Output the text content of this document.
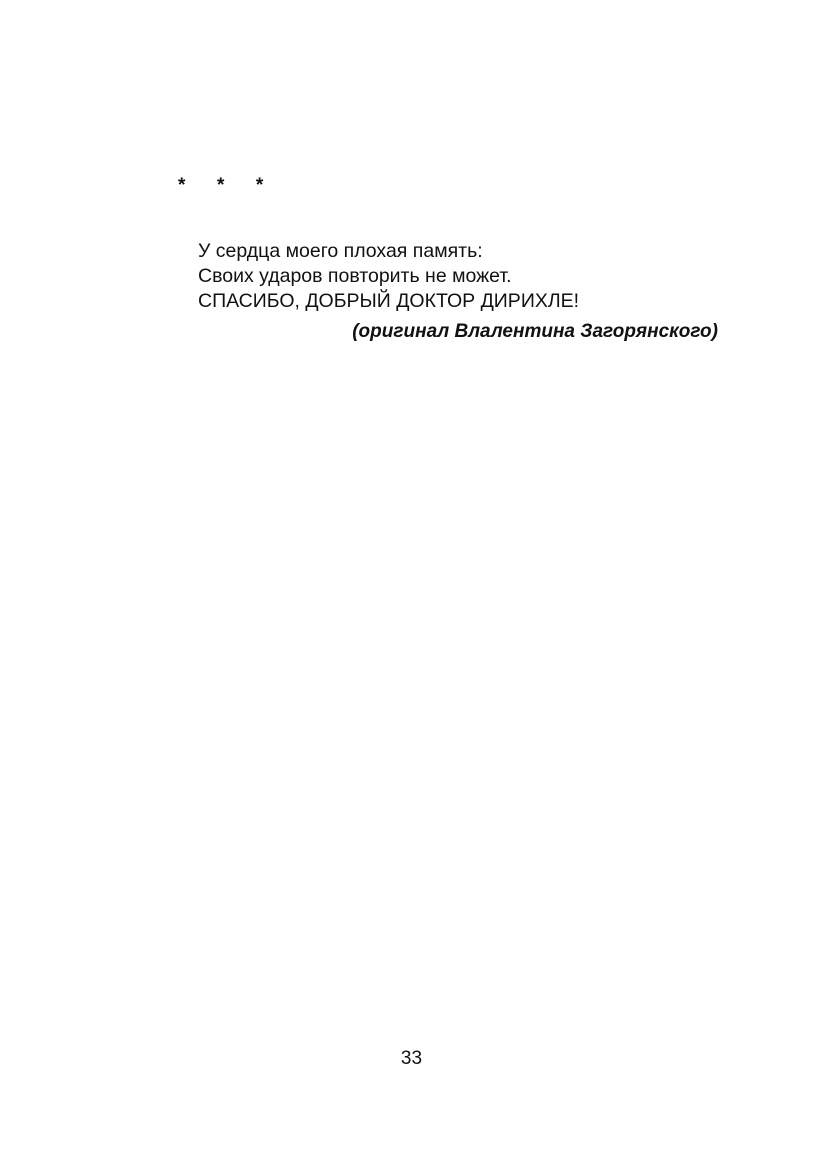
*  *  *
У сердца моего плохая память:
Своих ударов повторить не может.
СПАСИБО, ДОБРЫЙ ДОКТОР ДИРИХЛЕ!
(оригинал Влалентина Загорянского)
33
